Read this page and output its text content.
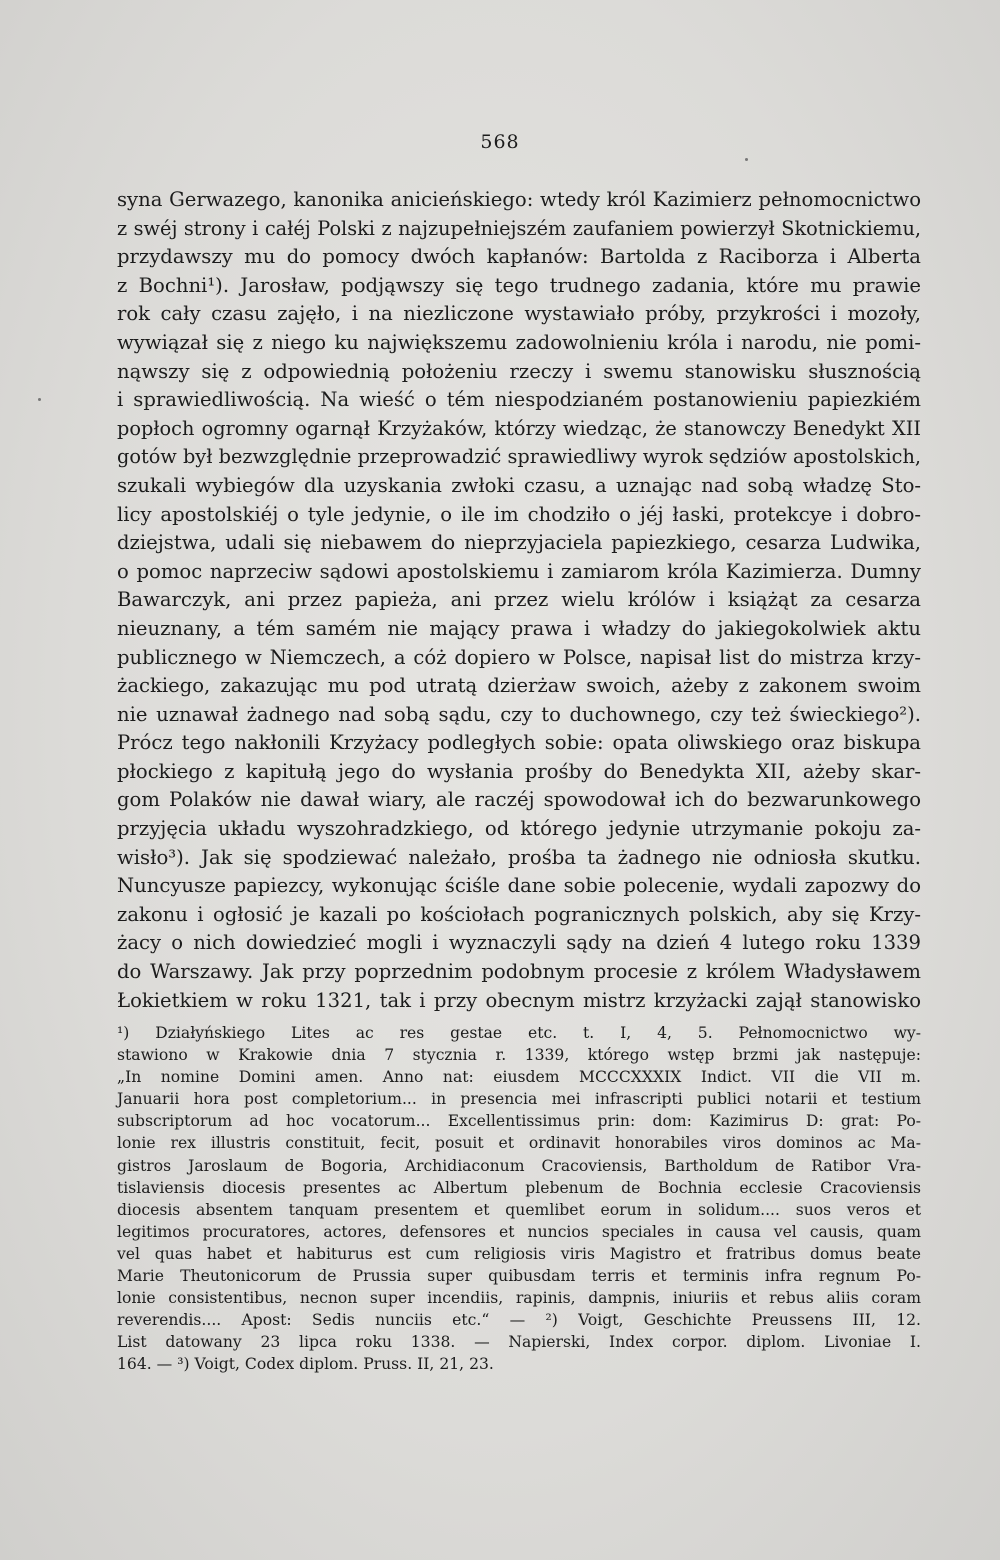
568
syna Gerwazego, kanonika anicieńskiego: wtedy król Kazimierz pełnomocnictwo
z swéj strony i całéj Polski z najzupełniejszém zaufaniem powierzył Skotnickiemu,
przydawszy mu do pomocy dwóch kapłanów: Bartolda z Raciborza i Alberta
z Bochni¹). Jarosław, podjąwszy się tego trudnego zadania, które mu prawie
rok cały czasu zajęło, i na niezliczone wystawiało próby, przykrości i mozoły,
wywiązał się z niego ku największemu zadowolnieniu króla i narodu, nie pomi-
nąwszy się z odpowiednią położeniu rzeczy i swemu stanowisku słusznością
i sprawiedliwością. Na wieść o tém niespodzianém postanowieniu papiezkiém
popłoch ogromny ogarnął Krzyżaków, którzy wiedząc, że stanowczy Benedykt XII
gotów był bezwzględnie przeprowadzić sprawiedliwy wyrok sędziów apostolskich,
szukali wybiegów dla uzyskania zwłoki czasu, a uznając nad sobą władzę Sto-
licy apostolskiéj o tyle jedynie, o ile im chodziło o jéj łaski, protekcye i dobro-
dziejstwa, udali się niebawem do nieprzyjaciela papiezkiego, cesarza Ludwika,
o pomoc naprzeciw sądowi apostolskiemu i zamiarom króla Kazimierza. Dumny
Bawarczyk, ani przez papieża, ani przez wielu królów i książąt za cesarza
nieuznany, a tém samém nie mający prawa i władzy do jakiegokolwiek aktu
publicznego w Niemczech, a cóż dopiero w Polsce, napisał list do mistrza krzy-
żackiego, zakazując mu pod utratą dzierżaw swoich, ażeby z zakonem swoim
nie uznawał żadnego nad sobą sądu, czy to duchownego, czy też świeckiego²).
Prócz tego nakłonili Krzyżacy podległych sobie: opata oliwskiego oraz biskupa
płockiego z kapitułą jego do wysłania prośby do Benedykta XII, ażeby skar-
gom Polaków nie dawał wiary, ale raczéj spowodował ich do bezwarunkowego
przyjęcia układu wyszohradzkiego, od którego jedynie utrzymanie pokoju za-
wisło³). Jak się spodziewać należało, prośba ta żadnego nie odniosła skutku.
Nuncyusze papiezcy, wykonując ściśle dane sobie polecenie, wydali zapozwy do
zakonu i ogłosić je kazali po kościołach pogranicznych polskich, aby się Krzy-
żacy o nich dowiedzieć mogli i wyznaczyli sądy na dzień 4 lutego roku 1339
do Warszawy. Jak przy poprzednim podobnym procesie z królem Władysławem
Łokietkiem w roku 1321, tak i przy obecnym mistrz krzyżacki zajął stanowisko
¹) Działyńskiego Lites ac res gestae etc. t. I, 4, 5. Pełnomocnictwo wy-
stawiono w Krakowie dnia 7 stycznia r. 1339, którego wstęp brzmi jak następuje:
„In nomine Domini amen. Anno nat: eiusdem MCCCXXXIX Indict. VII die VII m.
Januarii hora post completorium... in presencia mei infrascripti publici notarii et testium
subscriptorum ad hoc vocatorum... Excellentissimus prin: dom: Kazimirus D: grat: Po-
lonie rex illustris constituit, fecit, posuit et ordinavit honorabiles viros dominos ac Ma-
gistros Jaroslaum de Bogoria, Archidiaconum Cracoviensis, Bartholdum de Ratibor Vra-
tislaviensis diocesis presentes ac Albertum plebenum de Bochnia ecclesie Cracoviensis
diocesis absentem tanquam presentem et quemlibet eorum in solidum.... suos veros et
legitimos procuratores, actores, defensores et nuncios speciales in causa vel causis, quam
vel quas habet et habiturus est cum religiosis viris Magistro et fratribus domus beate
Marie Theutonicorum de Prussia super quibusdam terris et terminis infra regnum Po-
lonie consistentibus, necnon super incendiis, rapinis, dampnis, iniuriis et rebus aliis coram
reverendis.... Apost: Sedis nunciis etc.“ — ²) Voigt, Geschichte Preussens III, 12.
List datowany 23 lipca roku 1338. — Napierski, Index corpor. diplom. Livoniae I.
164. — ³) Voigt, Codex diplom. Pruss. II, 21, 23.
